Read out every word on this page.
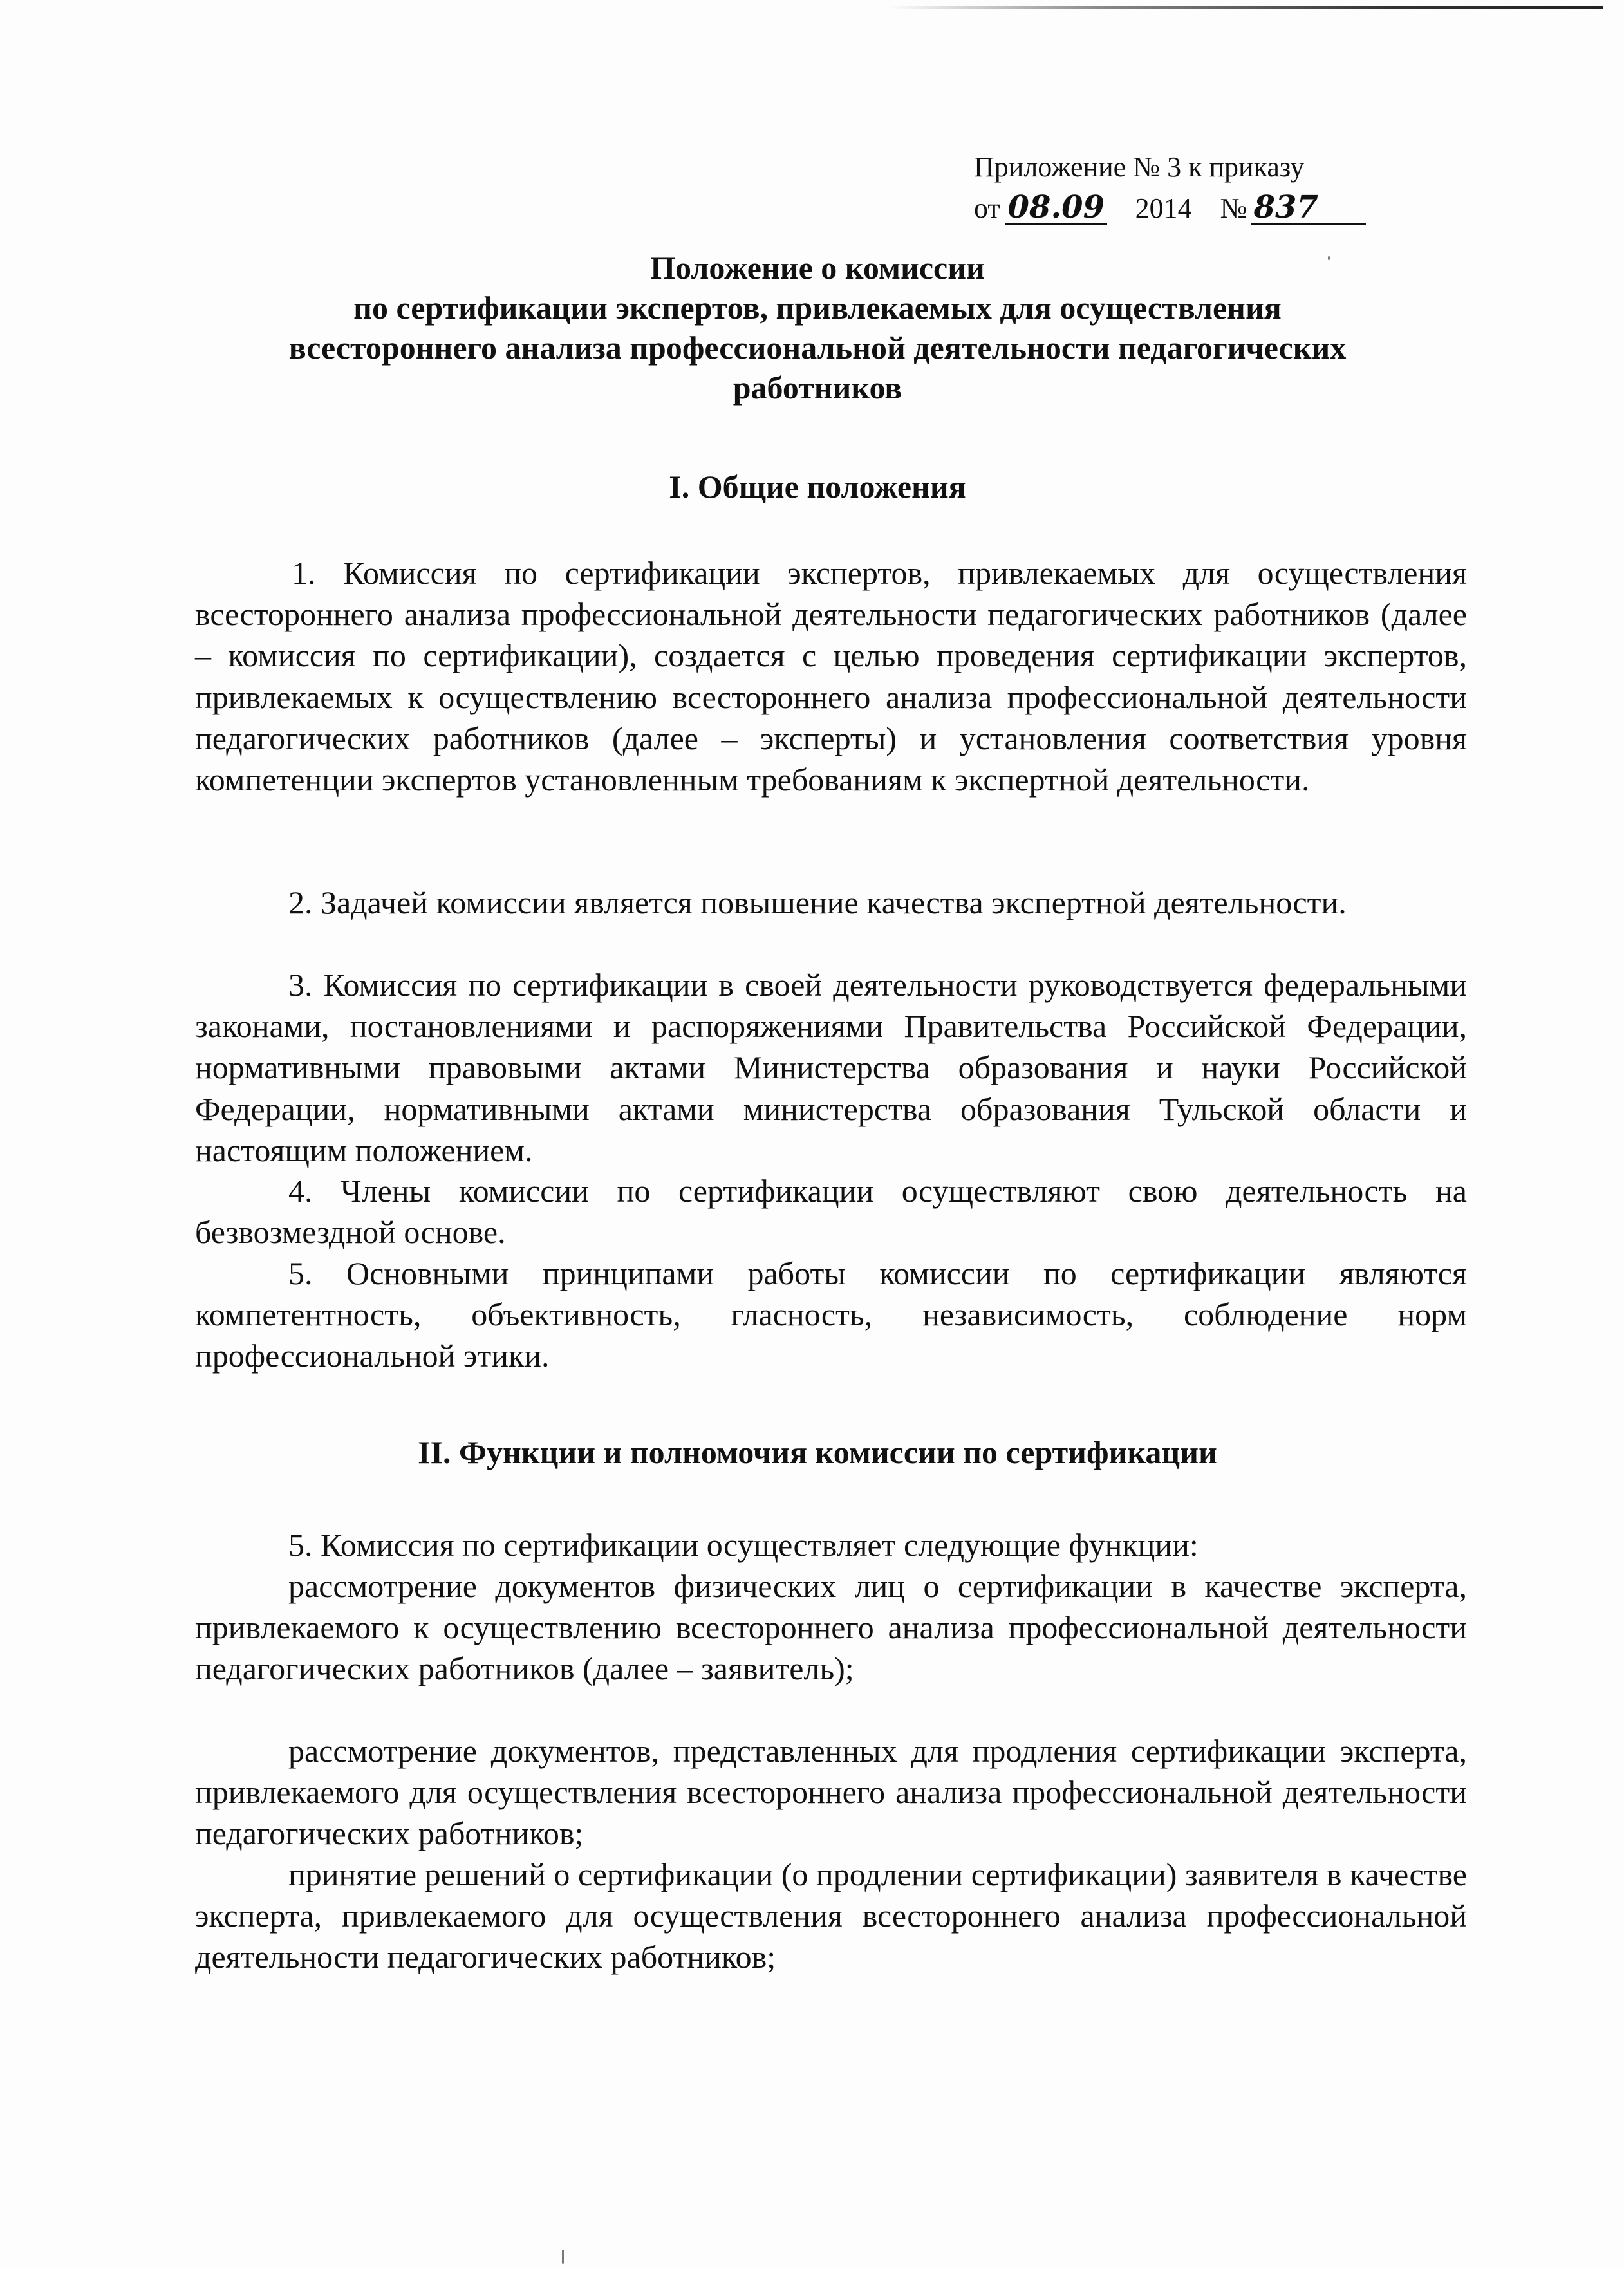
Приложение № 3 к приказу
от 08.09 2014 № 837
Положение о комиссии
по сертификации экспертов, привлекаемых для осуществления
всестороннего анализа профессиональной деятельности педагогических
работников
I. Общие положения

1. Комиссия по сертификации экспертов, привлекаемых для осуществления всестороннего анализа профессиональной деятельности педагогических работников (далее – комиссия по сертификации), создается с целью проведения сертификации экспертов, привлекаемых к осуществлению всестороннего анализа профессиональной деятельности педагогических работников (далее – эксперты) и установления соответствия уровня компетенции экспертов установленным требованиям к экспертной деятельности.

2. Задачей комиссии является повышение качества экспертной деятельности.

3. Комиссия по сертификации в своей деятельности руководствуется федеральными законами, постановлениями и распоряжениями Правительства Российской Федерации, нормативными правовыми актами Министерства образования и науки Российской Федерации, нормативными актами министерства образования Тульской области и настоящим положением.

4. Члены комиссии по сертификации осуществляют свою деятельность на безвозмездной основе.

5. Основными принципами работы комиссии по сертификации являются компетентность, объективность, гласность, независимость, соблюдение норм профессиональной этики.

II. Функции и полномочия комиссии по сертификации

5. Комиссия по сертификации осуществляет следующие функции:

рассмотрение документов физических лиц о сертификации в качестве эксперта, привлекаемого к осуществлению всестороннего анализа профессиональной деятельности педагогических работников (далее – заявитель);

рассмотрение документов, представленных для продления сертификации эксперта, привлекаемого для осуществления всестороннего анализа профессиональной деятельности педагогических работников;

принятие решений о сертификации (о продлении сертификации) заявителя в качестве эксперта, привлекаемого для осуществления всестороннего анализа профессиональной деятельности педагогических работников;
